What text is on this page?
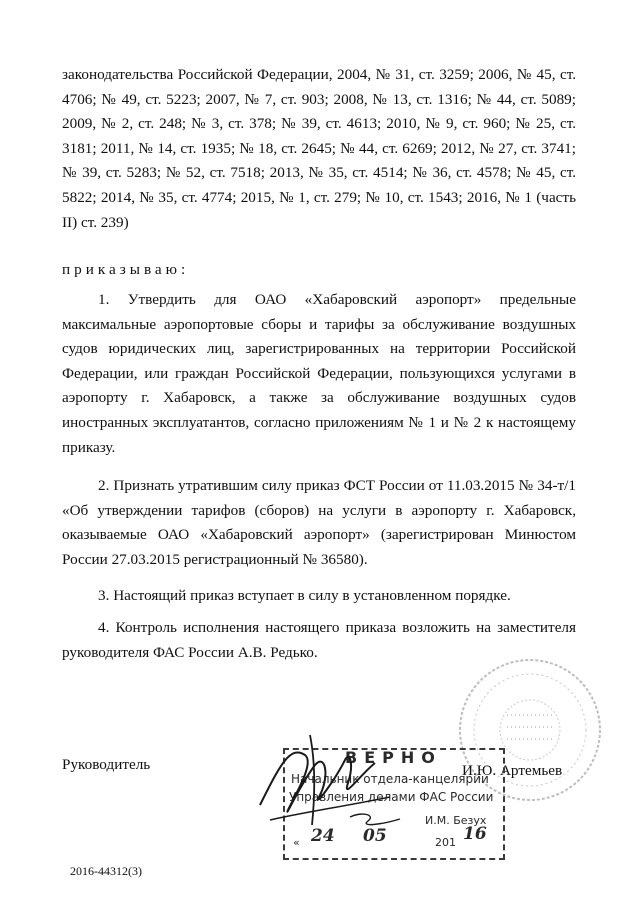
законодательства Российской Федерации, 2004, № 31, ст. 3259; 2006, № 45, ст. 4706; № 49, ст. 5223; 2007, № 7, ст. 903; 2008, № 13, ст. 1316; № 44, ст. 5089; 2009, № 2, ст. 248; № 3, ст. 378; № 39, ст. 4613; 2010, № 9, ст. 960; № 25, ст. 3181; 2011, № 14, ст. 1935; № 18, ст. 2645; № 44, ст. 6269; 2012, № 27, ст. 3741; № 39, ст. 5283; № 52, ст. 7518; 2013, № 35, ст. 4514; № 36, ст. 4578; № 45, ст. 5822; 2014, № 35, ст. 4774; 2015, № 1, ст. 279; № 10, ст. 1543; 2016, № 1 (часть II) ст. 239)

приказываю:

1. Утвердить для ОАО «Хабаровский аэропорт» предельные максимальные аэропортовые сборы и тарифы за обслуживание воздушных судов юридических лиц, зарегистрированных на территории Российской Федерации, или граждан Российской Федерации, пользующихся услугами в аэропорту г. Хабаровск, а также за обслуживание воздушных судов иностранных эксплуатантов, согласно приложениям № 1 и № 2 к настоящему приказу.

2. Признать утратившим силу приказ ФСТ России от 11.03.2015 № 34-т/1 «Об утверждении тарифов (сборов) на услуги в аэропорту г. Хабаровск, оказываемые ОАО «Хабаровский аэропорт» (зарегистрирован Минюстом России 27.03.2015 регистрационный № 36580).

3. Настоящий приказ вступает в силу в установленном порядке.

4. Контроль исполнения настоящего приказа возложить на заместителя руководителя ФАС России А.В. Редько.

Руководитель	И.Ю. Артемьев
ВЕРНО
Начальник отдела-канцелярии
Управления делами ФАС России
И.М. Безух
« 24 05	201 16
2016-44312(3)
